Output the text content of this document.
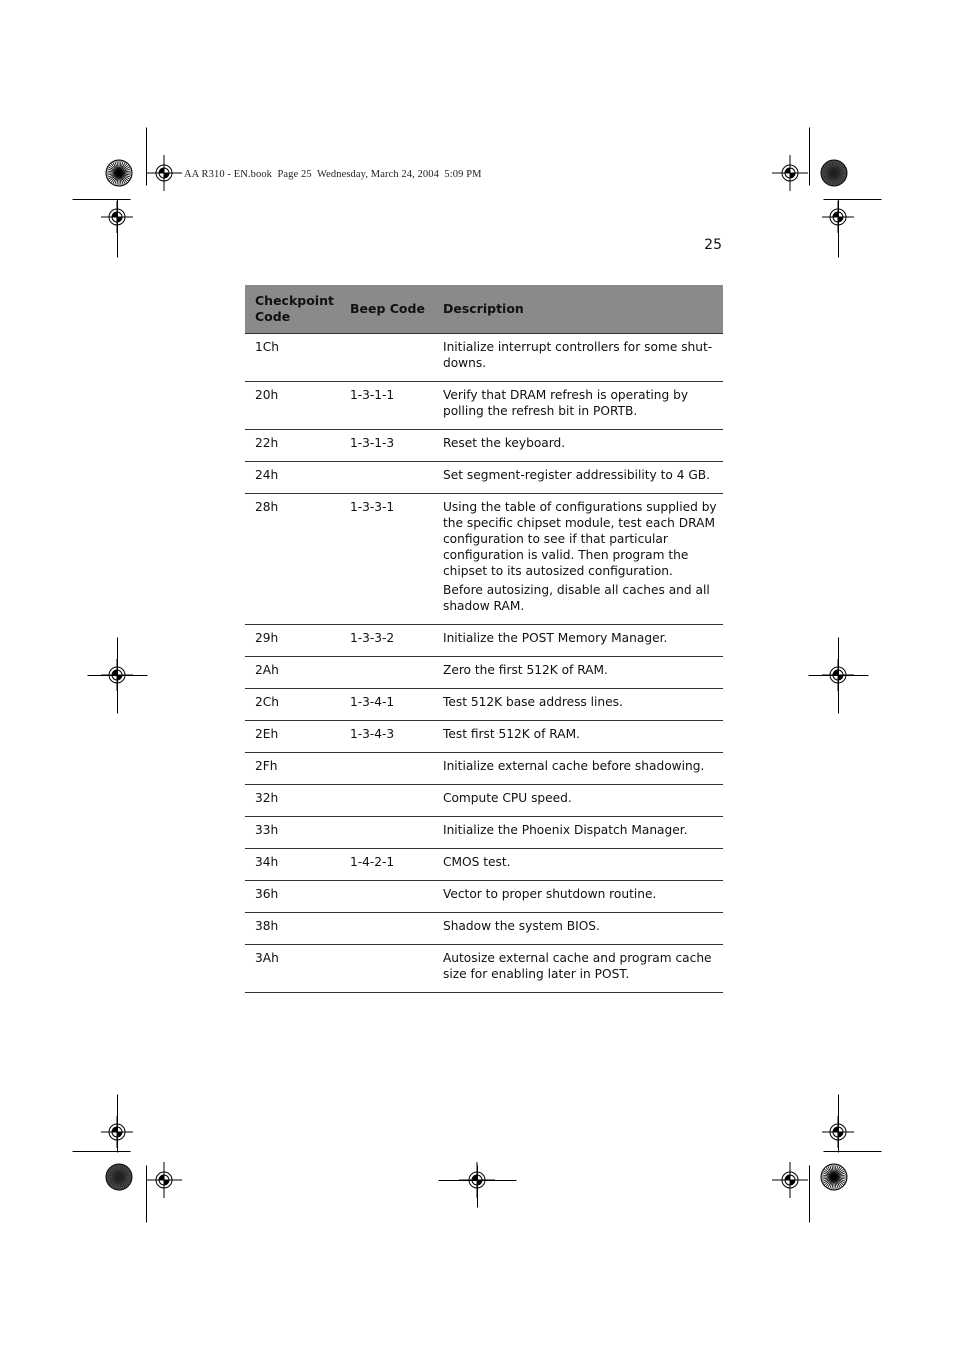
AA R310 - EN.book  Page 25  Wednesday, March 24, 2004  5:09 PM
25
Checkpoint Code	Beep Code	Description
1Ch		Initialize interrupt controllers for some shut-downs.

20h	1-3-1-1	Verify that DRAM refresh is operating by polling the refresh bit in PORTB.

22h	1-3-1-3	Reset the keyboard.

24h		Set segment-register addressibility to 4 GB.

28h	1-3-3-1	Using the table of configurations supplied by the specific chipset module, test each DRAM configuration to see if that particular configuration is valid. Then program the chipset to its autosized configuration.
Before autosizing, disable all caches and all shadow RAM.

29h	1-3-3-2	Initialize the POST Memory Manager.

2Ah		Zero the first 512K of RAM.

2Ch	1-3-4-1	Test 512K base address lines.

2Eh	1-3-4-3	Test first 512K of RAM.

2Fh		Initialize external cache before shadowing.

32h		Compute CPU speed.

33h		Initialize the Phoenix Dispatch Manager.

34h	1-4-2-1	CMOS test.

36h		Vector to proper shutdown routine.

38h		Shadow the system BIOS.

3Ah		Autosize external cache and program cache size for enabling later in POST.
